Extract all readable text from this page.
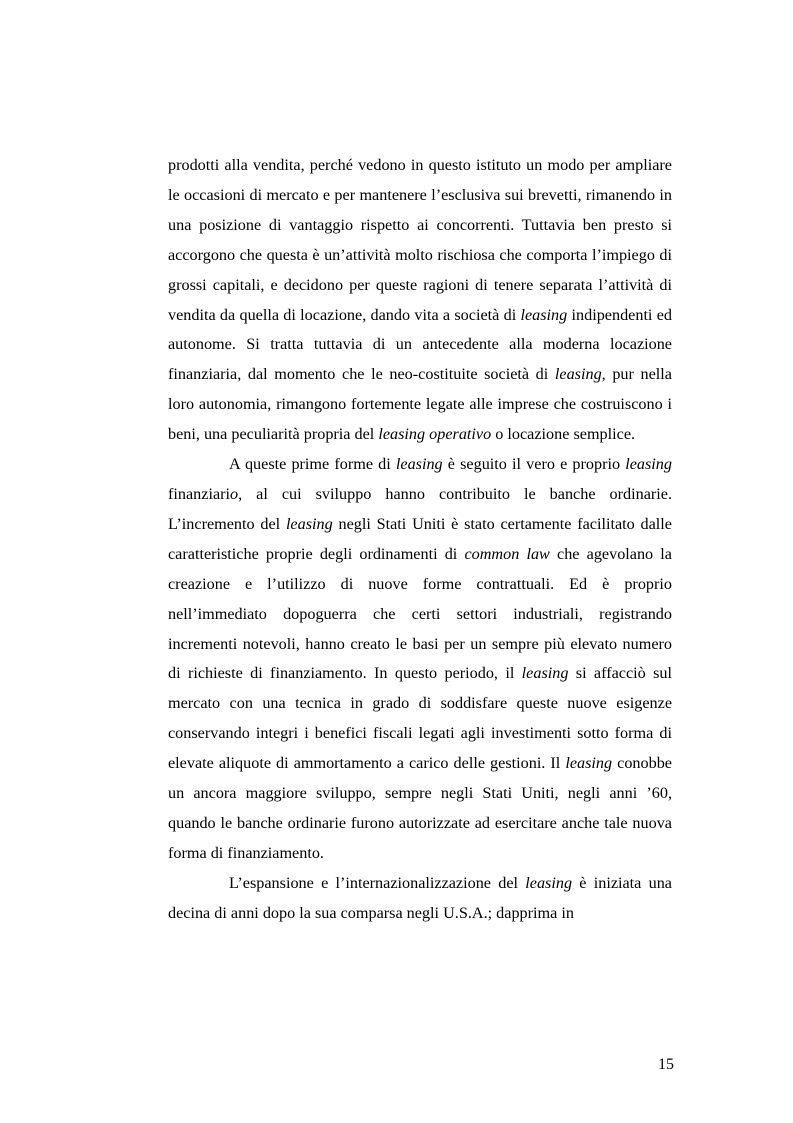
prodotti alla vendita, perché vedono in questo istituto un modo per ampliare le occasioni di mercato e per mantenere l’esclusiva sui brevetti, rimanendo in una posizione di vantaggio rispetto ai concorrenti. Tuttavia ben presto si accorgono che questa è un’attività molto rischiosa che comporta l’impiego di grossi capitali, e decidono per queste ragioni di tenere separata l’attività di vendita da quella di locazione, dando vita a società di leasing indipendenti ed autonome. Si tratta tuttavia di un antecedente alla moderna locazione finanziaria, dal momento che le neo-costituite società di leasing, pur nella loro autonomia, rimangono fortemente legate alle imprese che costruiscono i beni, una peculiarità propria del leasing operativo o locazione semplice.

A queste prime forme di leasing è seguito il vero e proprio leasing finanziario, al cui sviluppo hanno contribuito le banche ordinarie. L’incremento del leasing negli Stati Uniti è stato certamente facilitato dalle caratteristiche proprie degli ordinamenti di common law che agevolano la creazione e l’utilizzo di nuove forme contrattuali. Ed è proprio nell’immediato dopoguerra che certi settori industriali, registrando incrementi notevoli, hanno creato le basi per un sempre più elevato numero di richieste di finanziamento. In questo periodo, il leasing si affacciò sul mercato con una tecnica in grado di soddisfare queste nuove esigenze conservando integri i benefici fiscali legati agli investimenti sotto forma di elevate aliquote di ammortamento a carico delle gestioni. Il leasing conobbe un ancora maggiore sviluppo, sempre negli Stati Uniti, negli anni ’60, quando le banche ordinarie furono autorizzate ad esercitare anche tale nuova forma di finanziamento.

L’espansione e l’internazionalizzazione del leasing è iniziata una decina di anni dopo la sua comparsa negli U.S.A.; dapprima in

15
